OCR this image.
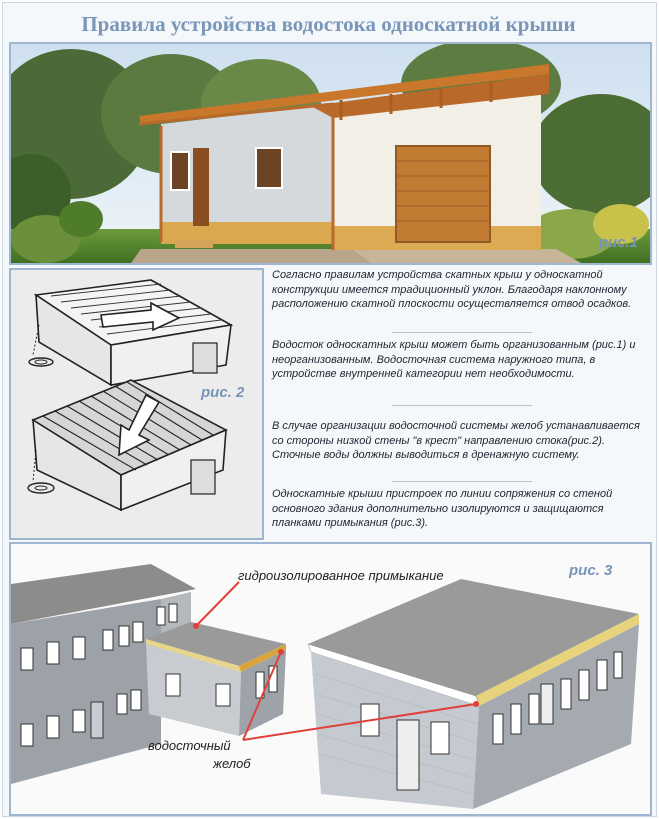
Правила устройства водостока односкатной крыши
рис.1
рис. 2

Согласно правилам устройства скатных крыш у односкатной конструкции имеется традиционный уклон. Благодаря наклонному расположению скатной плоскости осуществляется отвод осадков.

Водосток односкатных крыш может быть организованным (рис.1) и неорганизованным. Водосточная система наружного типа, в устройстве внутренней категории нет необходимости.

В случае организации водосточной системы желоб устанавливается со стороны низкой стены "в крест" направлению стока(рис.2). Сточные воды должны выводиться в дренажную систему.

Односкатные крыши пристроек по линии сопряжения со стеной основного здания дополнительно изолируются и защищаются планками примыкания (рис.3).

рис. 3
гидроизолированное примыкание
водосточный
желоб
